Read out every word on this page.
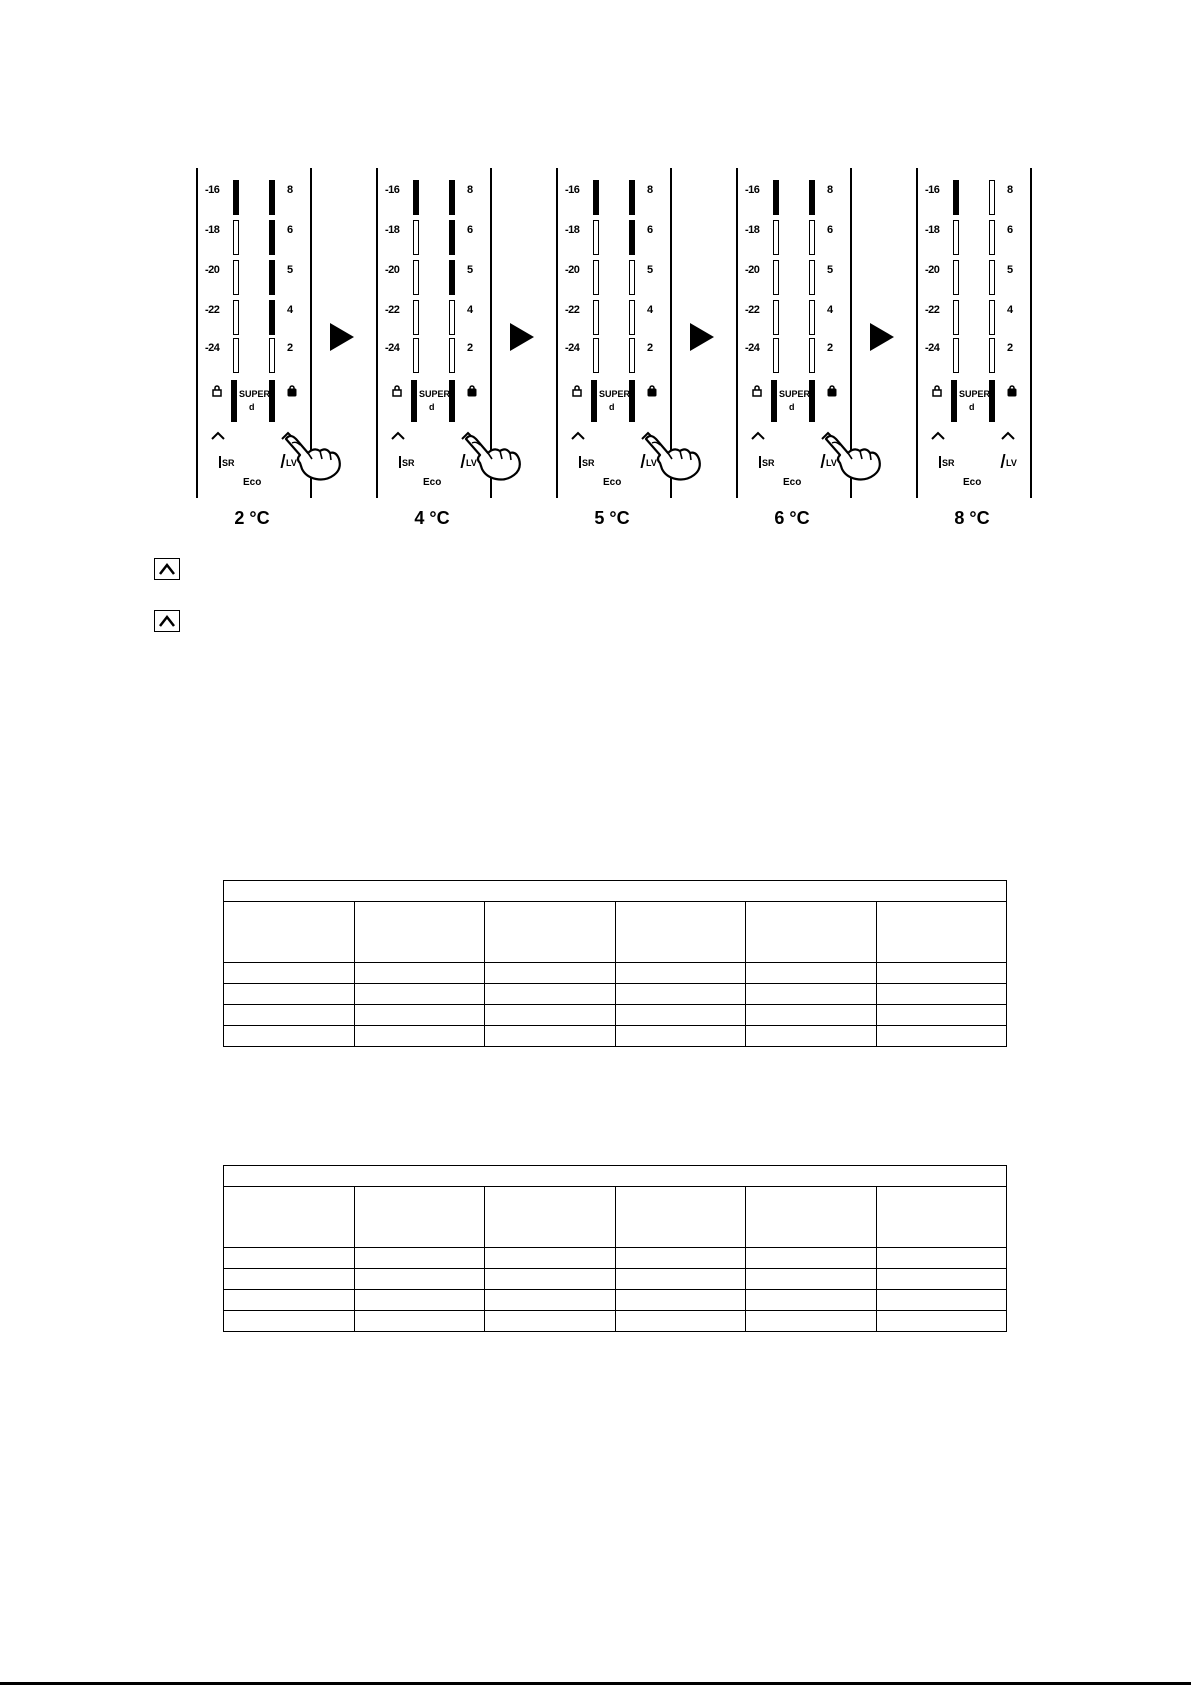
-16	8
-18	6
-20	5
-22	4
-24	2
SUPER
d
SR	LV
Eco
2 °C
-16	8
-18	6
-20	5
-22	4
-24	2
SUPER
d
SR	LV
Eco
4 °C
-16	8
-18	6
-20	5
-22	4
-24	2
SUPER
d
SR	LV
Eco
5 °C
-16	8
-18	6
-20	5
-22	4
-24	2
SUPER
d
SR	LV
Eco
6 °C
-16	8
-18	6
-20	5
-22	4
-24	2
SUPER
d
SR	LV
Eco
8 °C
